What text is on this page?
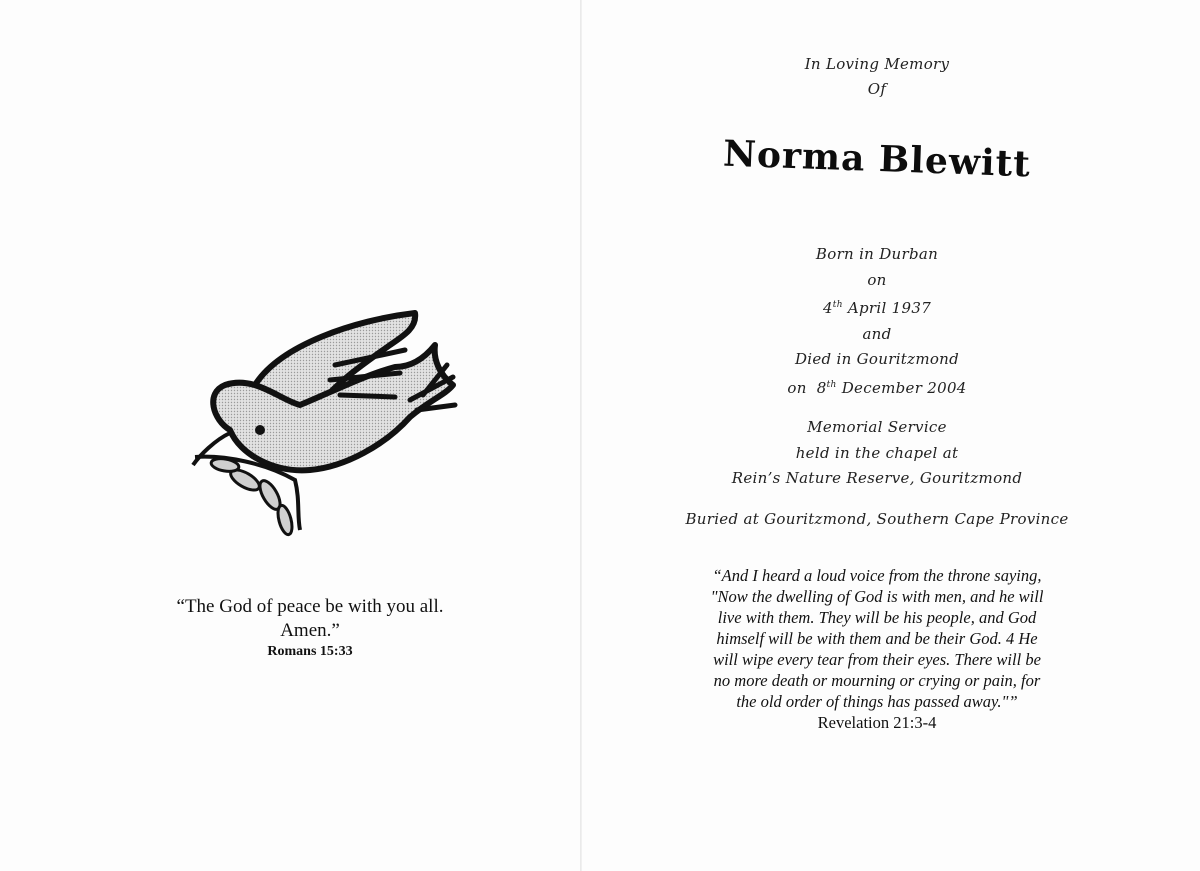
“The God of peace be with you all.
Amen.”
Romans 15:33
In Loving Memory
Of
Norma Blewitt
Born in Durban
on
4th April 1937
and
Died in Gouritzmond
on 8th December 2004
Memorial Service
held in the chapel at
Rein’s Nature Reserve, Gouritzmond
Buried at Gouritzmond, Southern Cape Province
“And I heard a loud voice from the throne saying,
"Now the dwelling of God is with men, and he will
live with them. They will be his people, and God
himself will be with them and be their God. 4 He
will wipe every tear from their eyes. There will be
no more death or mourning or crying or pain, for
the old order of things has passed away."”
Revelation 21:3-4
